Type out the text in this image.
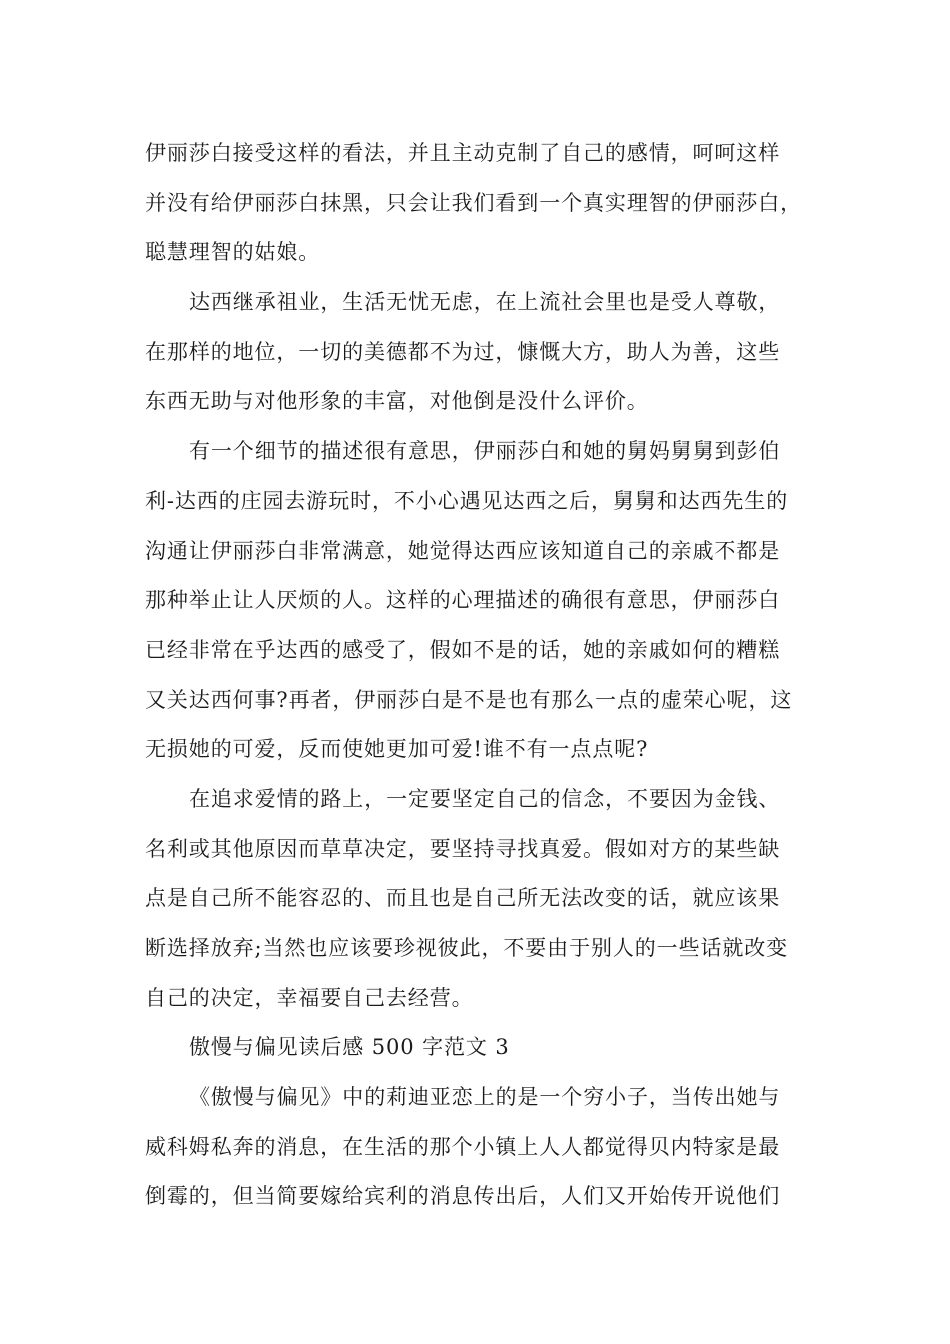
伊丽莎白接受这样的看法，并且主动克制了自己的感情，呵呵这样
并没有给伊丽莎白抹黑，只会让我们看到一个真实理智的伊丽莎白，
聪慧理智的姑娘。
达西继承祖业，生活无忧无虑，在上流社会里也是受人尊敬，
在那样的地位，一切的美德都不为过，慷慨大方，助人为善，这些
东西无助与对他形象的丰富，对他倒是没什么评价。
有一个细节的描述很有意思，伊丽莎白和她的舅妈舅舅到彭伯
利-达西的庄园去游玩时，不小心遇见达西之后，舅舅和达西先生的
沟通让伊丽莎白非常满意，她觉得达西应该知道自己的亲戚不都是
那种举止让人厌烦的人。这样的心理描述的确很有意思，伊丽莎白
已经非常在乎达西的感受了，假如不是的话，她的亲戚如何的糟糕
又关达西何事?再者，伊丽莎白是不是也有那么一点的虚荣心呢，这
无损她的可爱，反而使她更加可爱!谁不有一点点呢?
在追求爱情的路上，一定要坚定自己的信念，不要因为金钱、
名利或其他原因而草草决定，要坚持寻找真爱。假如对方的某些缺
点是自己所不能容忍的、而且也是自己所无法改变的话，就应该果
断选择放弃;当然也应该要珍视彼此，不要由于别人的一些话就改变
自己的决定，幸福要自己去经营。
傲慢与偏见读后感 500 字范文 3
《傲慢与偏见》中的莉迪亚恋上的是一个穷小子，当传出她与
威科姆私奔的消息，在生活的那个小镇上人人都觉得贝内特家是最
倒霉的，但当简要嫁给宾利的消息传出后，人们又开始传开说他们
